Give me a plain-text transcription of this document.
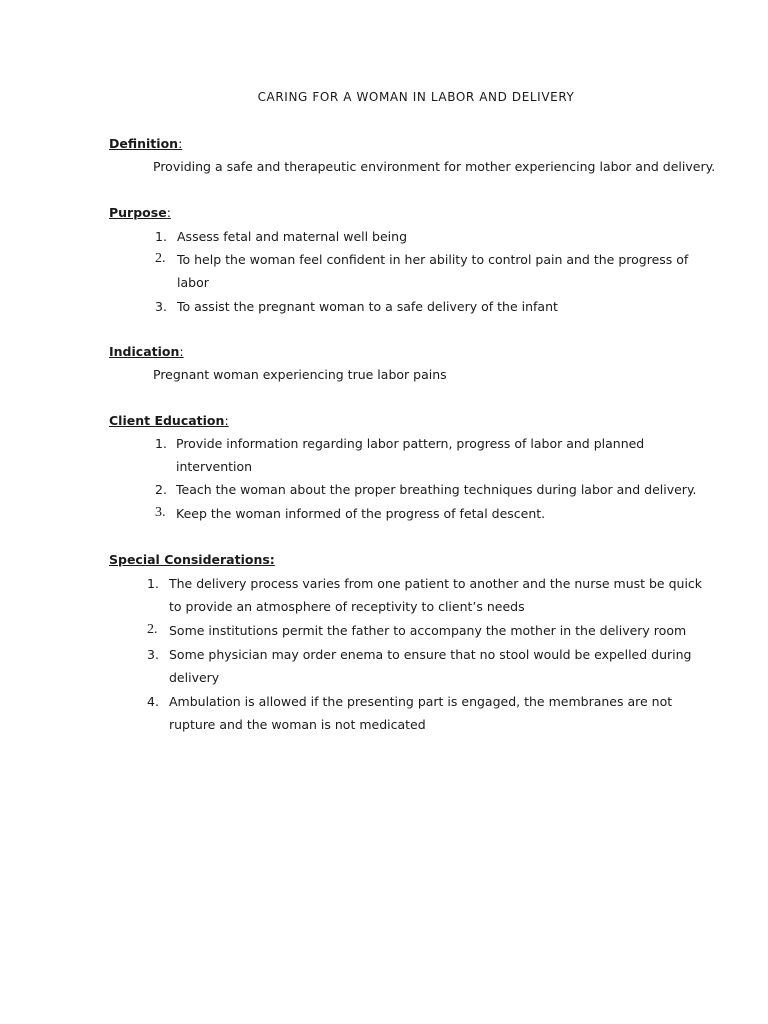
CARING FOR A WOMAN IN LABOR AND DELIVERY
Definition:

Providing a safe and therapeutic environment for mother experiencing labor and delivery.

Purpose:
1. Assess fetal and maternal well being

2. To help the woman feel confident in her ability to control pain and the progress of

labor

3. To assist the pregnant woman to a safe delivery of the infant

Indication:

Pregnant woman experiencing true labor pains

Client Education:
1. Provide information regarding labor pattern, progress of labor and planned

intervention

2. Teach the woman about the proper breathing techniques during labor and delivery.

3. Keep the woman informed of the progress of fetal descent.

Special Considerations:
1. The delivery process varies from one patient to another and the nurse must be quick

to provide an atmosphere of receptivity to client’s needs

2. Some institutions permit the father to accompany the mother in the delivery room

3. Some physician may order enema to ensure that no stool would be expelled during

delivery

4. Ambulation is allowed if the presenting part is engaged, the membranes are not

rupture and the woman is not medicated
